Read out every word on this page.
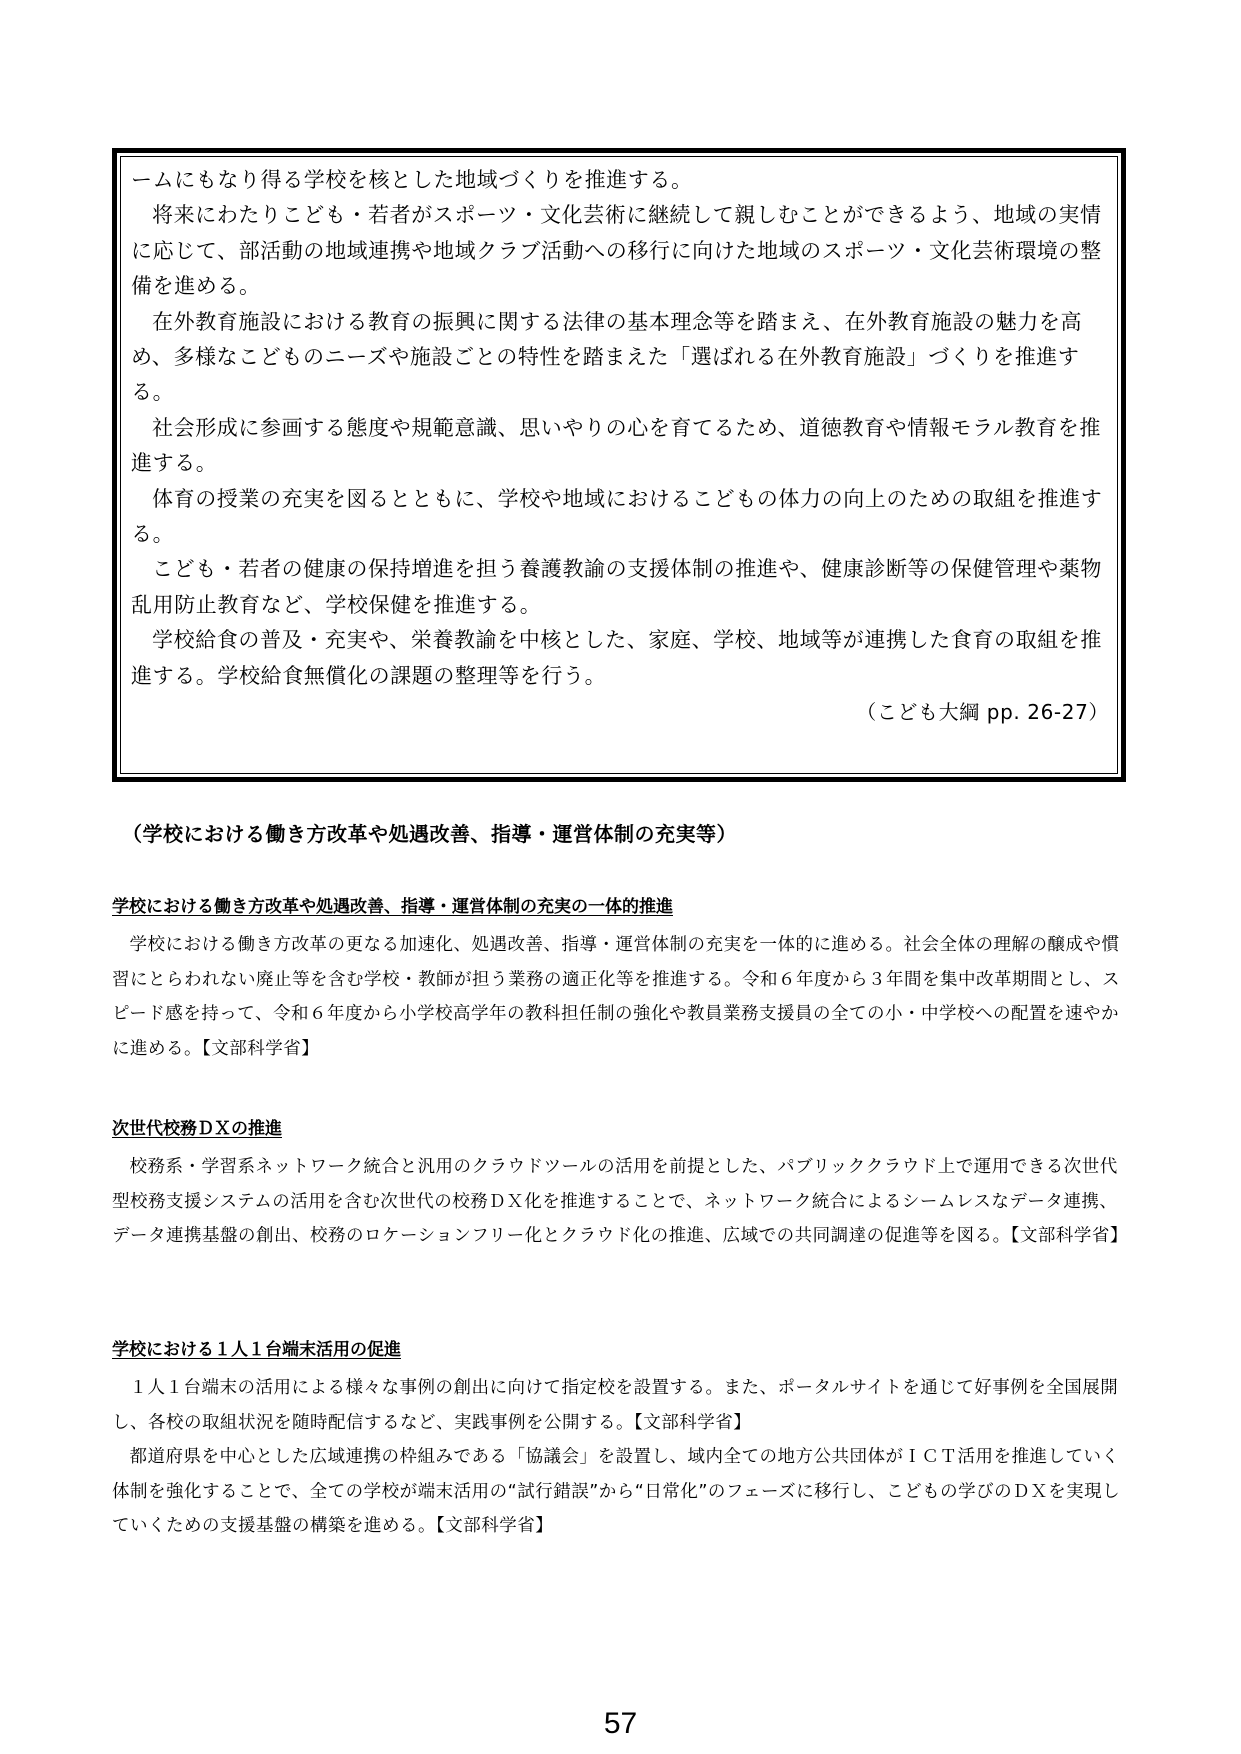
ームにもなり得る学校を核とした地域づくりを推進する。

将来にわたりこども・若者がスポーツ・文化芸術に継続して親しむことができるよう、地域の実情に応じて、部活動の地域連携や地域クラブ活動への移行に向けた地域のスポーツ・文化芸術環境の整備を進める。

在外教育施設における教育の振興に関する法律の基本理念等を踏まえ、在外教育施設の魅力を高め、多様なこどものニーズや施設ごとの特性を踏まえた「選ばれる在外教育施設」づくりを推進する。

社会形成に参画する態度や規範意識、思いやりの心を育てるため、道徳教育や情報モラル教育を推進する。

体育の授業の充実を図るとともに、学校や地域におけるこどもの体力の向上のための取組を推進する。

こども・若者の健康の保持増進を担う養護教諭の支援体制の推進や、健康診断等の保健管理や薬物乱用防止教育など、学校保健を推進する。

学校給食の普及・充実や、栄養教諭を中核とした、家庭、学校、地域等が連携した食育の取組を推進する。学校給食無償化の課題の整理等を行う。

（こども大綱 pp. 26-27）

（学校における働き方改革や処遇改善、指導・運営体制の充実等）
学校における働き方改革や処遇改善、指導・運営体制の充実の一体的推進

学校における働き方改革の更なる加速化、処遇改善、指導・運営体制の充実を一体的に進める。社会全体の理解の醸成や慣習にとらわれない廃止等を含む学校・教師が担う業務の適正化等を推進する。令和６年度から３年間を集中改革期間とし、スピード感を持って、令和６年度から小学校高学年の教科担任制の強化や教員業務支援員の全ての小・中学校への配置を速やかに進める。【文部科学省】

次世代校務ＤＸの推進

校務系・学習系ネットワーク統合と汎用のクラウドツールの活用を前提とした、パブリッククラウド上で運用できる次世代型校務支援システムの活用を含む次世代の校務ＤＸ化を推進することで、ネットワーク統合によるシームレスなデータ連携、データ連携基盤の創出、校務のロケーションフリー化とクラウド化の推進、広域での共同調達の促進等を図る。【文部科学省】

学校における１人１台端末活用の促進

１人１台端末の活用による様々な事例の創出に向けて指定校を設置する。また、ポータルサイトを通じて好事例を全国展開し、各校の取組状況を随時配信するなど、実践事例を公開する。【文部科学省】

都道府県を中心とした広域連携の枠組みである「協議会」を設置し、域内全ての地方公共団体がＩＣＴ活用を推進していく体制を強化することで、全ての学校が端末活用の“試行錯誤”から“日常化”のフェーズに移行し、こどもの学びのＤＸを実現していくための支援基盤の構築を進める。【文部科学省】

57
